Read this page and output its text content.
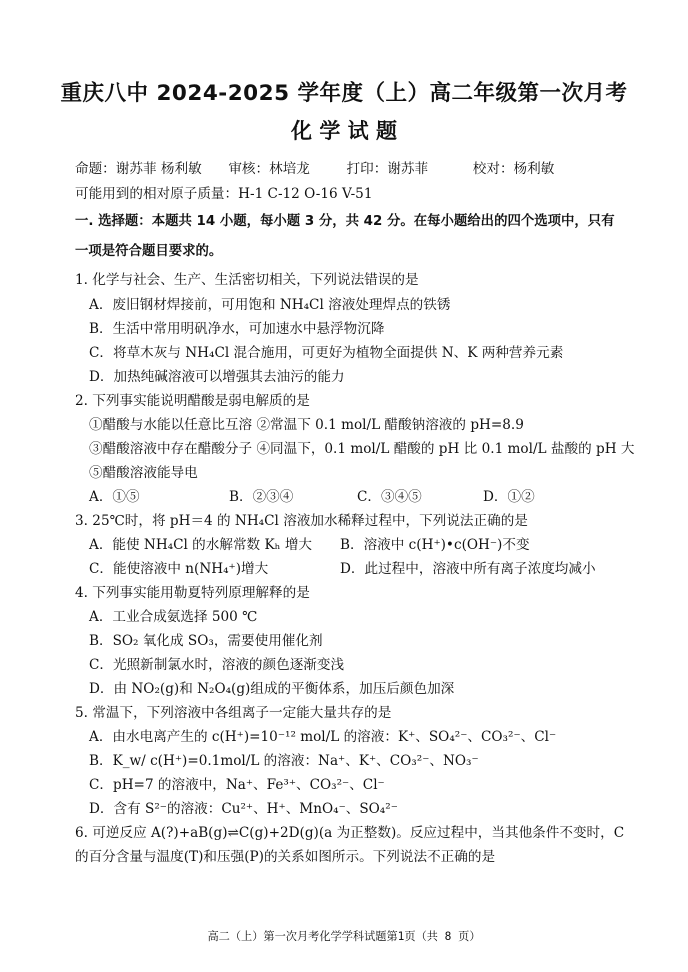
重庆八中 2024-2025 学年度（上）高二年级第一次月考
化 学 试 题
命题：谢苏菲 杨利敏 审核：林培龙	打印：谢苏菲	校对：杨利敏
可能用到的相对原子质量：H-1 C-12 O-16 V-51
一. 选择题：本题共 14 小题，每小题 3 分，共 42 分。在每小题给出的四个选项中，只有
一项是符合题目要求的。
1. 化学与社会、生产、生活密切相关，下列说法错误的是
A．废旧钢材焊接前，可用饱和 NH₄Cl 溶液处理焊点的铁锈
B．生活中常用明矾净水，可加速水中悬浮物沉降
C．将草木灰与 NH₄Cl 混合施用，可更好为植物全面提供 N、K 两种营养元素
D．加热纯碱溶液可以增强其去油污的能力
2. 下列事实能说明醋酸是弱电解质的是
①醋酸与水能以任意比互溶 ②常温下 0.1 mol/L 醋酸钠溶液的 pH=8.9
③醋酸溶液中存在醋酸分子 ④同温下，0.1 mol/L 醋酸的 pH 比 0.1 mol/L 盐酸的 pH 大
⑤醋酸溶液能导电
A．①⑤	B．②③④	C．③④⑤	D．①②
3. 25℃时，将 pH＝4 的 NH₄Cl 溶液加水稀释过程中，下列说法正确的是
A．能使 NH₄Cl 的水解常数 Kₕ 增大	B．溶液中 c(H⁺)•c(OH⁻)不变
C．能使溶液中 n(NH₄⁺)增大	D．此过程中，溶液中所有离子浓度均减小
4. 下列事实能用勒夏特列原理解释的是
A．工业合成氨选择 500 ℃
B．SO₂ 氧化成 SO₃，需要使用催化剂
C．光照新制氯水时，溶液的颜色逐渐变浅
D．由 NO₂(g)和 N₂O₄(g)组成的平衡体系，加压后颜色加深
5. 常温下，下列溶液中各组离子一定能大量共存的是
A．由水电离产生的 c(H⁺)=10⁻¹² mol/L 的溶液：K⁺、SO₄²⁻、CO₃²⁻、Cl⁻
B．K_w/ c(H⁺)=0.1mol/L 的溶液：Na⁺、K⁺、CO₃²⁻、NO₃⁻
C．pH=7 的溶液中，Na⁺、Fe³⁺、CO₃²⁻、Cl⁻
D．含有 S²⁻的溶液：Cu²⁺、H⁺、MnO₄⁻、SO₄²⁻
6. 可逆反应 A(?)+aB(g)⇌C(g)+2D(g)(a 为正整数)。反应过程中，当其他条件不变时，C
的百分含量与温度(T)和压强(P)的关系如图所示。下列说法不正确的是
高二（上）第一次月考化学学科试题第1页（共 8 页）
